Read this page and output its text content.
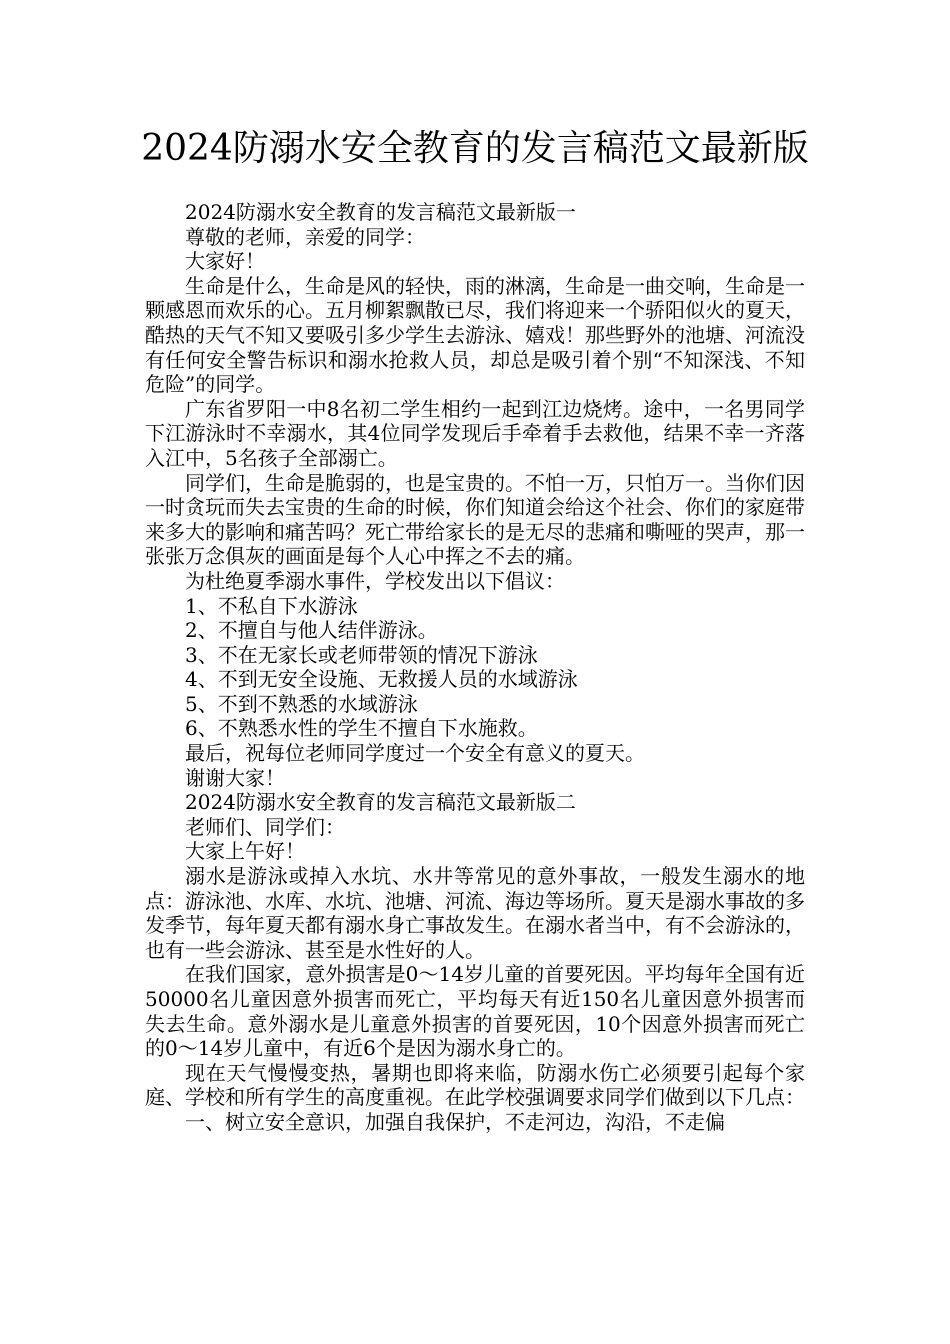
2024防溺水安全教育的发言稿范文最新版

2024防溺水安全教育的发言稿范文最新版一

尊敬的老师，亲爱的同学：

大家好！

生命是什么，生命是风的轻快，雨的淋漓，生命是一曲交响，生命是一颗感恩而欢乐的心。五月柳絮飘散已尽，我们将迎来一个骄阳似火的夏天，酷热的天气不知又要吸引多少学生去游泳、嬉戏！那些野外的池塘、河流没有任何安全警告标识和溺水抢救人员，却总是吸引着个别“不知深浅、不知危险”的同学。

广东省罗阳一中8名初二学生相约一起到江边烧烤。途中，一名男同学下江游泳时不幸溺水，其4位同学发现后手牵着手去救他，结果不幸一齐落入江中，5名孩子全部溺亡。

同学们，生命是脆弱的，也是宝贵的。不怕一万，只怕万一。当你们因一时贪玩而失去宝贵的生命的时候，你们知道会给这个社会、你们的家庭带来多大的影响和痛苦吗？死亡带给家长的是无尽的悲痛和嘶哑的哭声，那一张张万念俱灰的画面是每个人心中挥之不去的痛。

为杜绝夏季溺水事件，学校发出以下倡议：

1、不私自下水游泳

2、不擅自与他人结伴游泳。

3、不在无家长或老师带领的情况下游泳

4、不到无安全设施、无救援人员的水域游泳

5、不到不熟悉的水域游泳

6、不熟悉水性的学生不擅自下水施救。

最后，祝每位老师同学度过一个安全有意义的夏天。

谢谢大家！

2024防溺水安全教育的发言稿范文最新版二

老师们、同学们：

大家上午好！

溺水是游泳或掉入水坑、水井等常见的意外事故，一般发生溺水的地点：游泳池、水库、水坑、池塘、河流、海边等场所。夏天是溺水事故的多发季节，每年夏天都有溺水身亡事故发生。在溺水者当中，有不会游泳的，也有一些会游泳、甚至是水性好的人。

在我们国家，意外损害是0～14岁儿童的首要死因。平均每年全国有近50000名儿童因意外损害而死亡，平均每天有近150名儿童因意外损害而失去生命。意外溺水是儿童意外损害的首要死因，10个因意外损害而死亡的0～14岁儿童中，有近6个是因为溺水身亡的。

现在天气慢慢变热，暑期也即将来临，防溺水伤亡必须要引起每个家庭、学校和所有学生的高度重视。在此学校强调要求同学们做到以下几点：

一、树立安全意识，加强自我保护，不走河边，沟沿，不走偏
